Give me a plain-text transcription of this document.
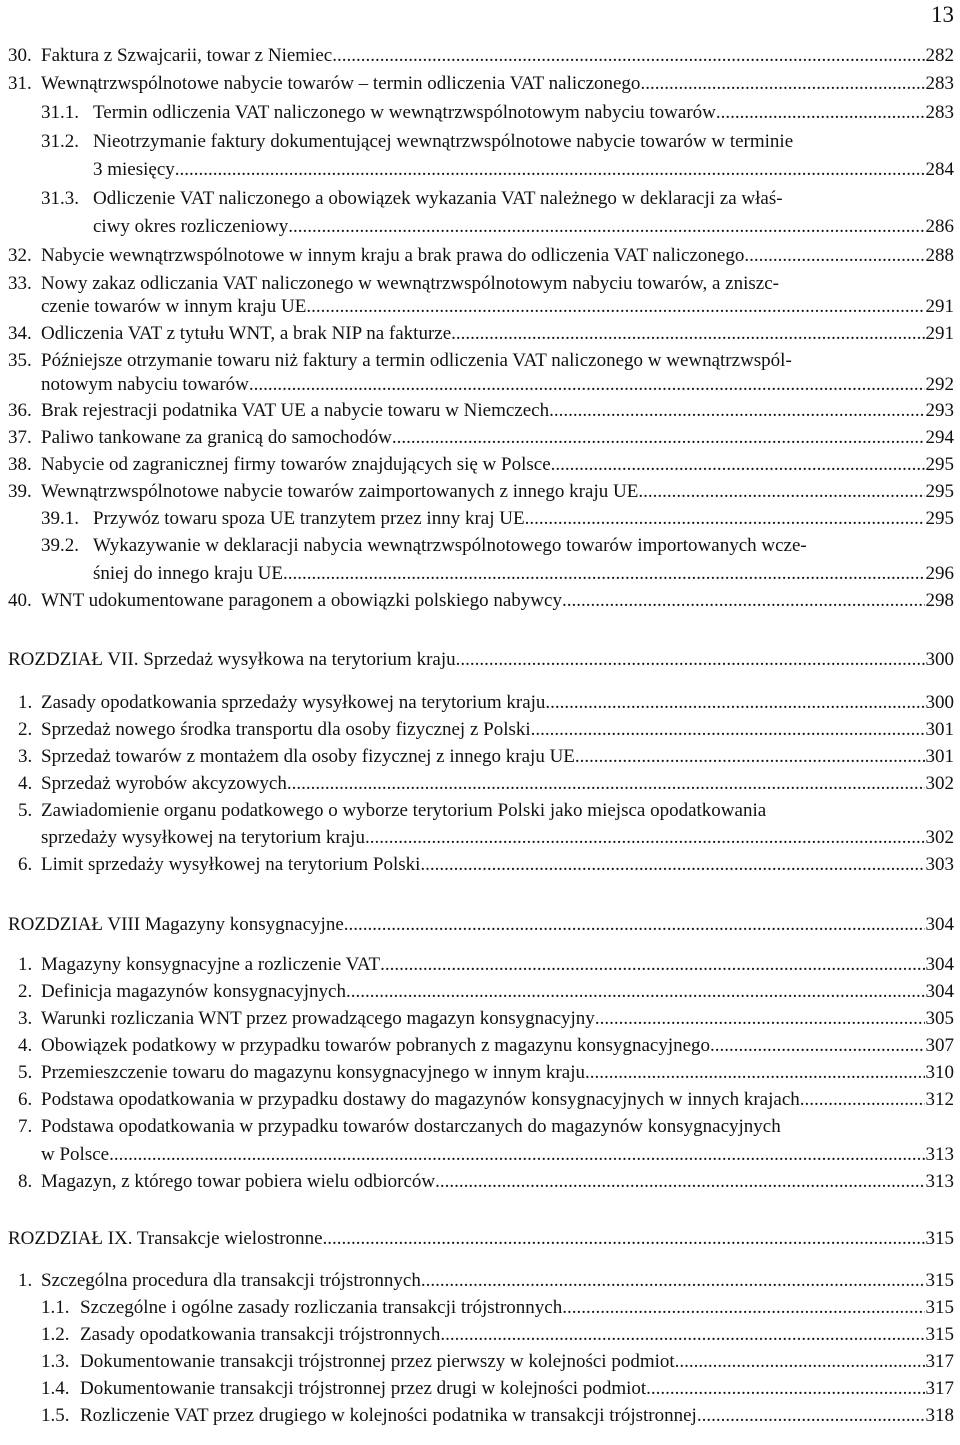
13
30. Faktura z Szwajcarii, towar z Niemiec .....	282
31. Wewnątrzwspólnotowe nabycie towarów – termin odliczenia VAT naliczonego .....	283
31.1. Termin odliczenia VAT naliczonego w wewnątrzwspólnotowym nabyciu towarów .....	283
31.2. Nieotrzymanie faktury dokumentującej wewnątrzwspólnotowe nabycie towarów w terminie
3 miesięcy .....	284
31.3. Odliczenie VAT naliczonego a obowiązek wykazania VAT należnego w deklaracji za właś-
ciwy okres rozliczeniowy .....	286
32. Nabycie wewnątrzwspólnotowe w innym kraju a brak prawa do odliczenia VAT naliczonego .....	288
33. Nowy zakaz odliczania VAT naliczonego w wewnątrzwspólnotowym nabyciu towarów, a zniszc-
czenie towarów w innym kraju UE .....	291
34. Odliczenia VAT z tytułu WNT, a brak NIP na fakturze .....	291
35. Późniejsze otrzymanie towaru niż faktury a termin odliczenia VAT naliczonego w wewnątrzwspól-
notowym nabyciu towarów .....	292
36. Brak rejestracji podatnika VAT UE a nabycie towaru w Niemczech .....	293
37. Paliwo tankowane za granicą do samochodów .....	294
38. Nabycie od zagranicznej firmy towarów znajdujących się w Polsce .....	295
39. Wewnątrzwspólnotowe nabycie towarów zaimportowanych z innego kraju UE .....	295
39.1. Przywóz towaru spoza UE tranzytem przez inny kraj UE .....	295
39.2. Wykazywanie w deklaracji nabycia wewnątrzwspólnotowego towarów importowanych wcze-
śniej do innego kraju UE .....	296
40. WNT udokumentowane paragonem a obowiązki polskiego nabywcy .....	298
ROZDZIAŁ VII. Sprzedaż wysyłkowa na terytorium kraju .....	300
1. Zasady opodatkowania sprzedaży wysyłkowej na terytorium kraju .....	300
2. Sprzedaż nowego środka transportu dla osoby fizycznej z Polski .....	301
3. Sprzedaż towarów z montażem dla osoby fizycznej z innego kraju UE .....	301
4. Sprzedaż wyrobów akcyzowych .....	302
5. Zawiadomienie organu podatkowego o wyborze terytorium Polski jako miejsca opodatkowania
sprzedaży wysyłkowej na terytorium kraju .....	302
6. Limit sprzedaży wysyłkowej na terytorium Polski .....	303
ROZDZIAŁ VIII Magazyny konsygnacyjne .....	304
1. Magazyny konsygnacyjne a rozliczenie VAT .....	304
2. Definicja magazynów konsygnacyjnych .....	304
3. Warunki rozliczania WNT przez prowadzącego magazyn konsygnacyjny .....	305
4. Obowiązek podatkowy w przypadku towarów pobranych z magazynu konsygnacyjnego .....	307
5. Przemieszczenie towaru do magazynu konsygnacyjnego w innym kraju .....	310
6. Podstawa opodatkowania w przypadku dostawy do magazynów konsygnacyjnych w innych krajach .....	312
7. Podstawa opodatkowania w przypadku towarów dostarczanych do magazynów konsygnacyjnych
w Polsce .....	313
8. Magazyn, z którego towar pobiera wielu odbiorców .....	313
ROZDZIAŁ IX. Transakcje wielostronne .....	315
1. Szczególna procedura dla transakcji trójstronnych .....	315
1.1. Szczególne i ogólne zasady rozliczania transakcji trójstronnych .....	315
1.2. Zasady opodatkowania transakcji trójstronnych .....	315
1.3. Dokumentowanie transakcji trójstronnej przez pierwszy w kolejności podmiot .....	317
1.4. Dokumentowanie transakcji trójstronnej przez drugi w kolejności podmiot .....	317
1.5. Rozliczenie VAT przez drugiego w kolejności podatnika w transakcji trójstronnej .....	318
